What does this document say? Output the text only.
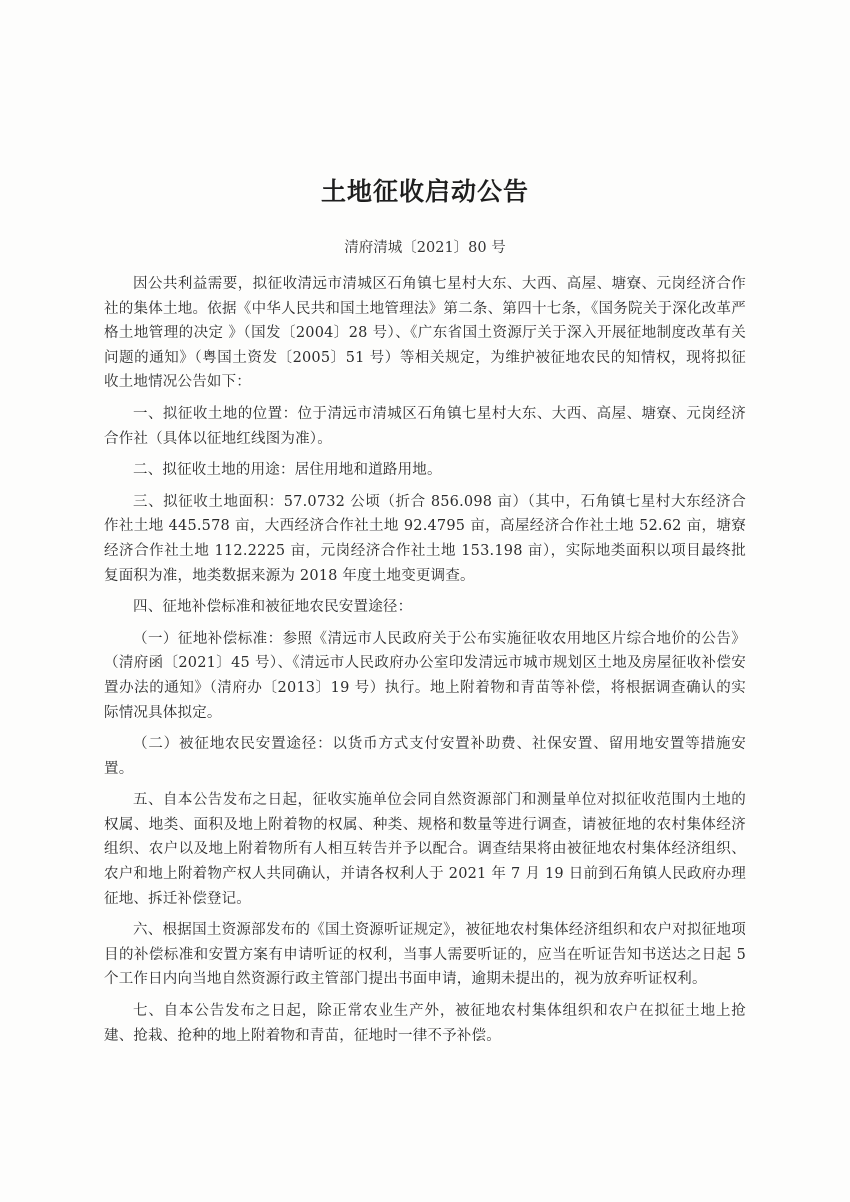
土地征收启动公告
清府清城〔2021〕80 号

因公共利益需要，拟征收清远市清城区石角镇七星村大东、大西、高屋、塘寮、元岗经济合作社的集体土地。依据《中华人民共和国土地管理法》第二条、第四十七条，《国务院关于深化改革严格土地管理的决定 》（国发〔2004〕28 号）、《广东省国土资源厅关于深入开展征地制度改革有关问题的通知》（粤国土资发〔2005〕51 号）等相关规定，为维护被征地农民的知情权，现将拟征收土地情况公告如下：

一、拟征收土地的位置：位于清远市清城区石角镇七星村大东、大西、高屋、塘寮、元岗经济合作社（具体以征地红线图为准）。

二、拟征收土地的用途：居住用地和道路用地。

三、拟征收土地面积：57.0732 公顷（折合 856.098 亩）（其中，石角镇七星村大东经济合作社土地 445.578 亩，大西经济合作社土地 92.4795 亩，高屋经济合作社土地 52.62 亩，塘寮经济合作社土地 112.2225 亩，元岗经济合作社土地 153.198 亩），实际地类面积以项目最终批复面积为准，地类数据来源为 2018 年度土地变更调查。

四、征地补偿标准和被征地农民安置途径：

（一）征地补偿标准：参照《清远市人民政府关于公布实施征收农用地区片综合地价的公告》（清府函〔2021〕45 号）、《清远市人民政府办公室印发清远市城市规划区土地及房屋征收补偿安置办法的通知》（清府办〔2013〕19 号）执行。地上附着物和青苗等补偿，将根据调查确认的实际情况具体拟定。

（二）被征地农民安置途径：以货币方式支付安置补助费、社保安置、留用地安置等措施安置。

五、自本公告发布之日起，征收实施单位会同自然资源部门和测量单位对拟征收范围内土地的权属、地类、面积及地上附着物的权属、种类、规格和数量等进行调查，请被征地的农村集体经济组织、农户以及地上附着物所有人相互转告并予以配合。调查结果将由被征地农村集体经济组织、农户和地上附着物产权人共同确认，并请各权利人于 2021 年 7 月 19 日前到石角镇人民政府办理征地、拆迁补偿登记。

六、根据国土资源部发布的《国土资源听证规定》，被征地农村集体经济组织和农户对拟征地项目的补偿标准和安置方案有申请听证的权利，当事人需要听证的，应当在听证告知书送达之日起 5 个工作日内向当地自然资源行政主管部门提出书面申请，逾期未提出的，视为放弃听证权利。

七、自本公告发布之日起，除正常农业生产外，被征地农村集体组织和农户在拟征土地上抢建、抢栽、抢种的地上附着物和青苗，征地时一律不予补偿。
